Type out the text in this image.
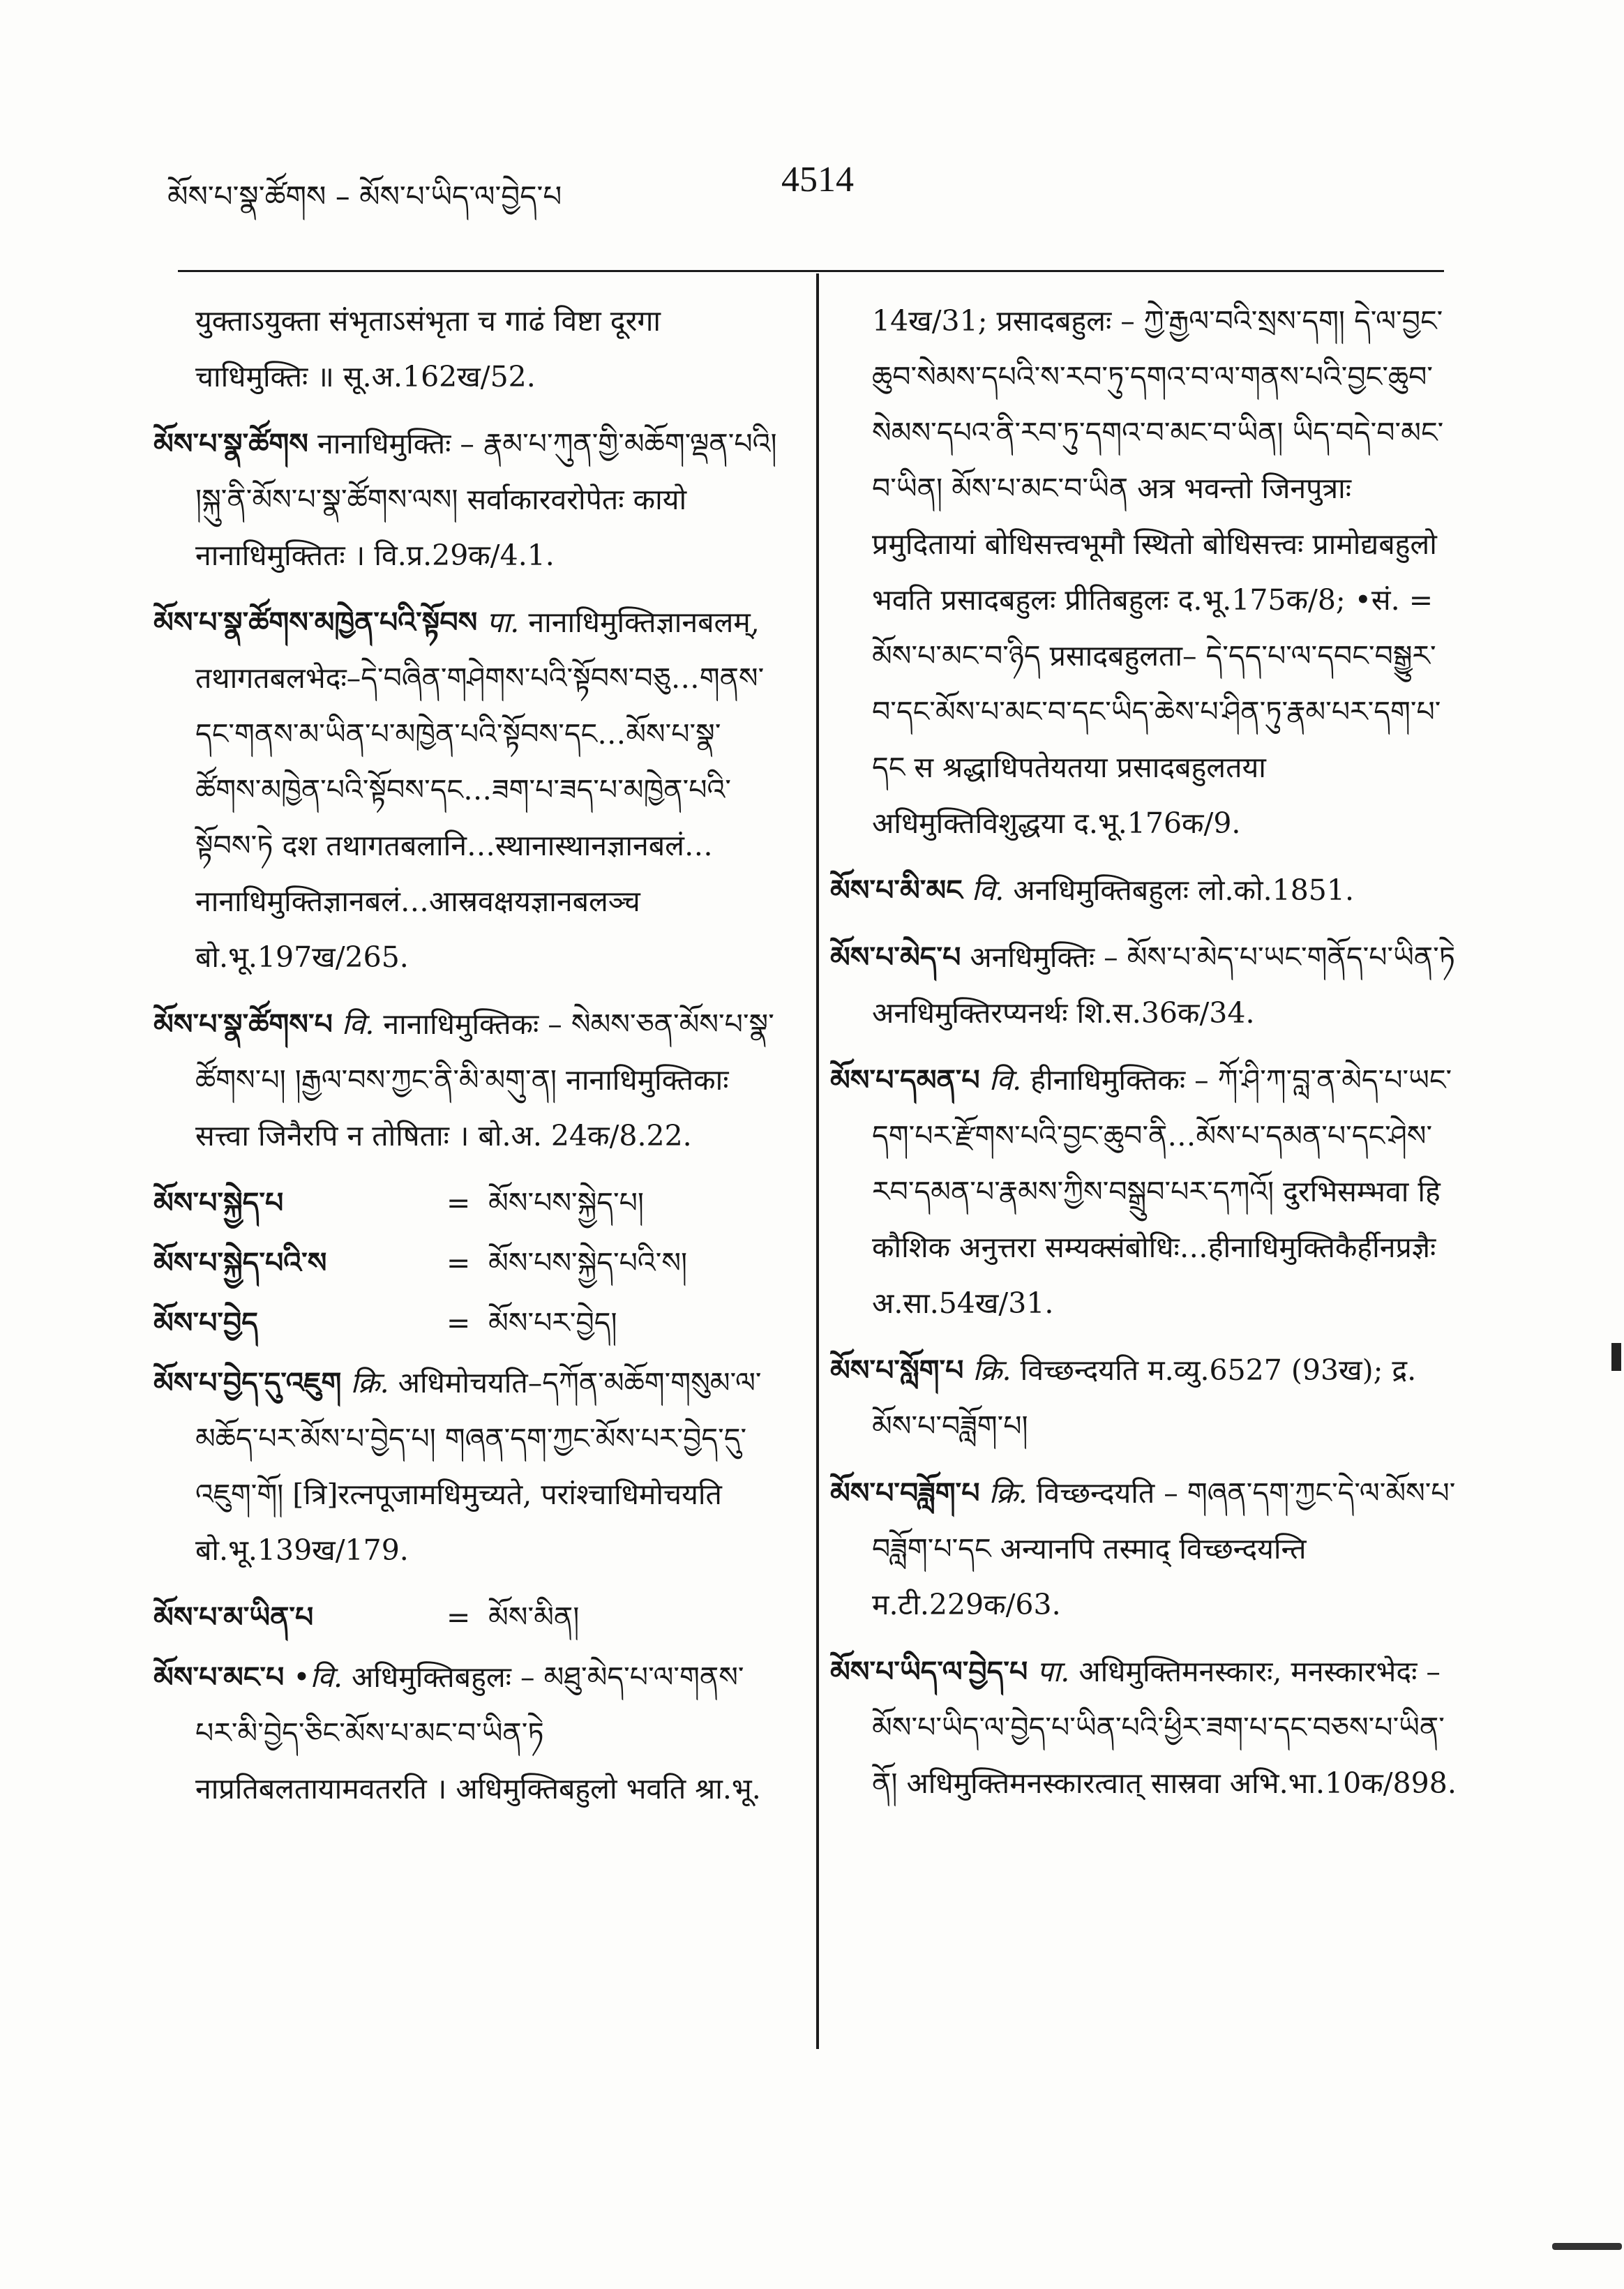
མོས་པ་སྣ་ཚོགས – མོས་པ་ཡིད་ལ་བྱེད་པ	4514
युक्ताऽयुक्ता संभृताऽसंभृता च गाढं विष्टा दूरगा चाधिमुक्तिः ॥ सू.अ.162ख/52.
མོས་པ་སྣ་ཚོགས नानाधिमुक्तिः – རྣམ་པ་ཀུན་གྱི་མཆོག་ལྡན་པའི། །སྐུ་ནི་མོས་པ་སྣ་ཚོགས་ལས། सर्वाकारवरोपेतः कायो नानाधिमुक्तितः । वि.प्र.29क/4.1.
མོས་པ་སྣ་ཚོགས་མཁྱེན་པའི་སྟོབས पा. नानाधिमुक्तिज्ञानबलम्, तथागतबलभेदः–དེ་བཞིན་གཤེགས་པའི་སྟོབས་བཅུ…གནས་དང་གནས་མ་ཡིན་པ་མཁྱེན་པའི་སྟོབས་དང…མོས་པ་སྣ་ཚོགས་མཁྱེན་པའི་སྟོབས་དང…ཟག་པ་ཟད་པ་མཁྱེན་པའི་སྟོབས་ཏེ दश तथागतबलानि…स्थानास्थानज्ञानबलं…नानाधिमुक्तिज्ञानबलं…आस्रवक्षयज्ञानबलञ्च बो.भू.197ख/265.
མོས་པ་སྣ་ཚོགས་པ वि. नानाधिमुक्तिकः – སེམས་ཅན་མོས་པ་སྣ་ཚོགས་པ། །རྒྱལ་བས་ཀྱང་ནི་མི་མགུ་ན། नानाधिमुक्तिकाः सत्त्वा जिनैरपि न तोषिताः । बो.अ. 24क/8.22.
མོས་པ་སྐྱེད་པ	= མོས་པས་སྐྱེད་པ།
མོས་པ་སྐྱེད་པའི་ས	= མོས་པས་སྐྱེད་པའི་ས།
མོས་པ་བྱེད	= མོས་པར་བྱེད།
མོས་པ་བྱེད་དུ་འཇུག क्रि. अधिमोचयति–དཀོན་མཆོག་གསུམ་ལ་མཆོད་པར་མོས་པ་བྱེད་པ། གཞན་དག་ཀྱང་མོས་པར་བྱེད་དུ་འཇུག་གོ། [त्रि]रत्नपूजामधिमुच्यते, परांश्चाधिमोचयति बो.भू.139ख/179.
མོས་པ་མ་ཡིན་པ	= མོས་མིན།
མོས་པ་མང་པ •वि. अधिमुक्तिबहुलः – མཐུ་མེད་པ་ལ་གནས་པར་མི་བྱེད་ཅིང་མོས་པ་མང་བ་ཡིན་ཏེ नाप्रतिबलतायामवतरति । अधिमुक्तिबहुलो भवति श्रा.भू.
14ख/31; प्रसादबहुलः – ཀྱེ་རྒྱལ་བའི་སྲས་དག། དེ་ལ་བྱང་ཆུབ་སེམས་དཔའི་ས་རབ་ཏུ་དགའ་བ་ལ་གནས་པའི་བྱང་ཆུབ་སེམས་དཔའ་ནི་རབ་ཏུ་དགའ་བ་མང་བ་ཡིན། ཡིད་བདེ་བ་མང་བ་ཡིན། མོས་པ་མང་བ་ཡིན अत्र भवन्तो जिनपुत्राः प्रमुदितायां बोधिसत्त्वभूमौ स्थितो बोधिसत्त्वः प्रामोद्यबहुलो भवति प्रसादबहुलः प्रीतिबहुलः द.भू.175क/8; •सं. = མོས་པ་མང་བ་ཉིད प्रसादबहुलता– དེ་དད་པ་ལ་དབང་བསྒྱུར་བ་དང་མོས་པ་མང་བ་དང་ཡིད་ཆེས་པ་ཤིན་ཏུ་རྣམ་པར་དག་པ་དང स श्रद्धाधिपतेयतया प्रसादबहुलतया अधिमुक्तिविशुद्धया द.भू.176क/9.
མོས་པ་མི་མང वि. अनधिमुक्तिबहुलः लो.को.1851.
མོས་པ་མེད་པ अनधिमुक्तिः – མོས་པ་མེད་པ་ཡང་གནོད་པ་ཡིན་ཏེ अनधिमुक्तिरप्यनर्थः शि.स.36क/34.
མོས་པ་དམན་པ वि. हीनाधिमुक्तिकः – ཀོ་ཤི་ཀ་བླ་ན་མེད་པ་ཡང་དག་པར་རྫོགས་པའི་བྱང་ཆུབ་ནི…མོས་པ་དམན་པ་དང་ཤེས་རབ་དམན་པ་རྣམས་ཀྱིས་བསྒྲུབ་པར་དཀའོ། दुरभिसम्भवा हि कौशिक अनुत्तरा सम्यक्संबोधिः…हीनाधिमुक्तिकैर्हीनप्रज्ञैः अ.सा.54ख/31.
མོས་པ་སློག་པ क्रि. विच्छन्दयति म.व्यु.6527 (93ख); द्र. མོས་པ་བཟློག་པ།
མོས་པ་བཟློག་པ क्रि. विच्छन्दयति – གཞན་དག་ཀྱང་དེ་ལ་མོས་པ་བཟློག་པ་དང अन्यानपि तस्माद् विच्छन्दयन्ति म.टी.229क/63.
མོས་པ་ཡིད་ལ་བྱེད་པ पा. अधिमुक्तिमनस्कारः, मनस्कारभेदः – མོས་པ་ཡིད་ལ་བྱེད་པ་ཡིན་པའི་ཕྱིར་ཟག་པ་དང་བཅས་པ་ཡིན་ནོ། अधिमुक्तिमनस्कारत्वात् सास्रवा अभि.भा.10क/898.
